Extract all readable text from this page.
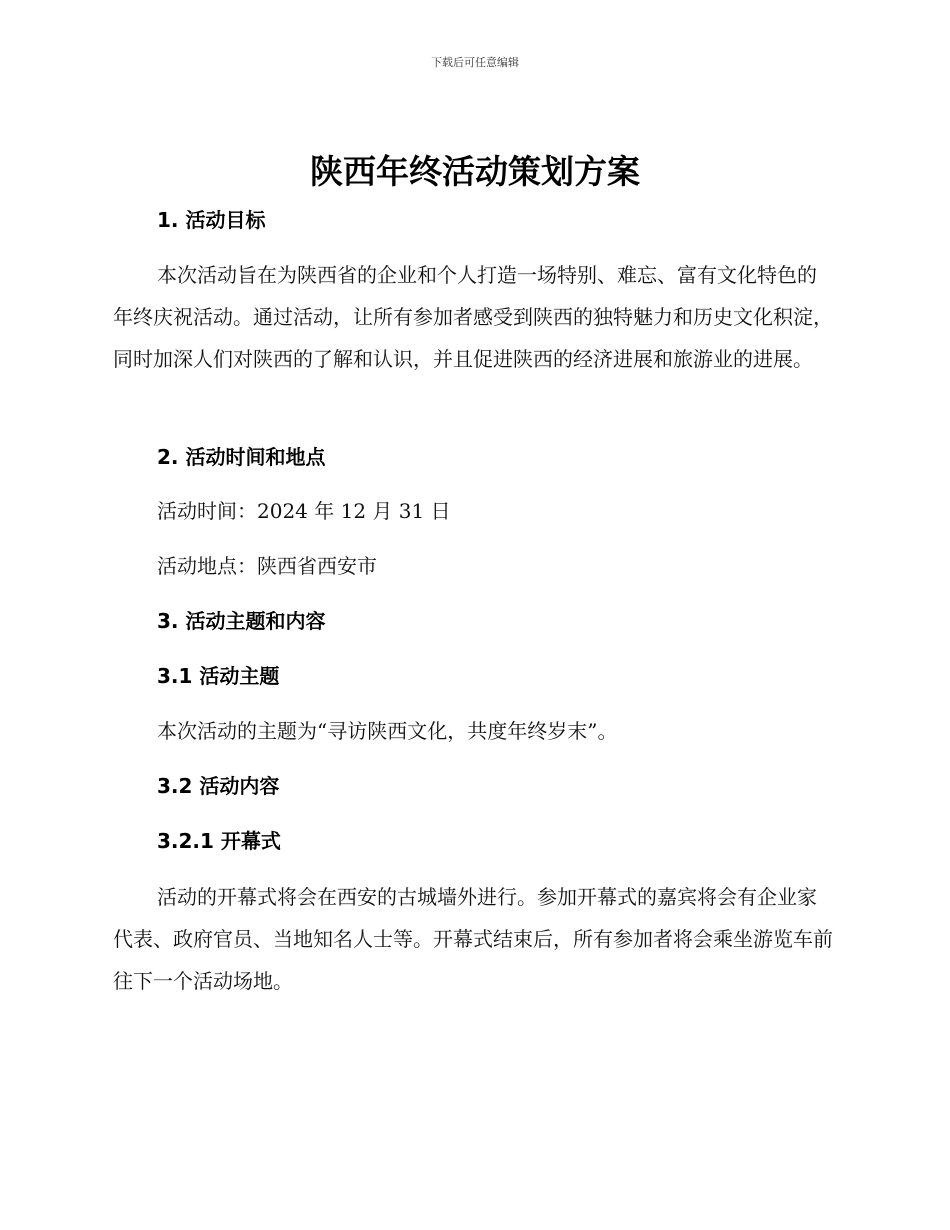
下载后可任意编辑
陕西年终活动策划方案
1. 活动目标
本次活动旨在为陕西省的企业和个人打造一场特别、难忘、富有文化特色的年终庆祝活动。通过活动，让所有参加者感受到陕西的独特魅力和历史文化积淀，同时加深人们对陕西的了解和认识，并且促进陕西的经济进展和旅游业的进展。
2. 活动时间和地点
活动时间：2024 年 12 月 31 日
活动地点：陕西省西安市
3. 活动主题和内容
3.1 活动主题
本次活动的主题为“寻访陕西文化，共度年终岁末”。
3.2 活动内容
3.2.1 开幕式
活动的开幕式将会在西安的古城墙外进行。参加开幕式的嘉宾将会有企业家代表、政府官员、当地知名人士等。开幕式结束后，所有参加者将会乘坐游览车前往下一个活动场地。
